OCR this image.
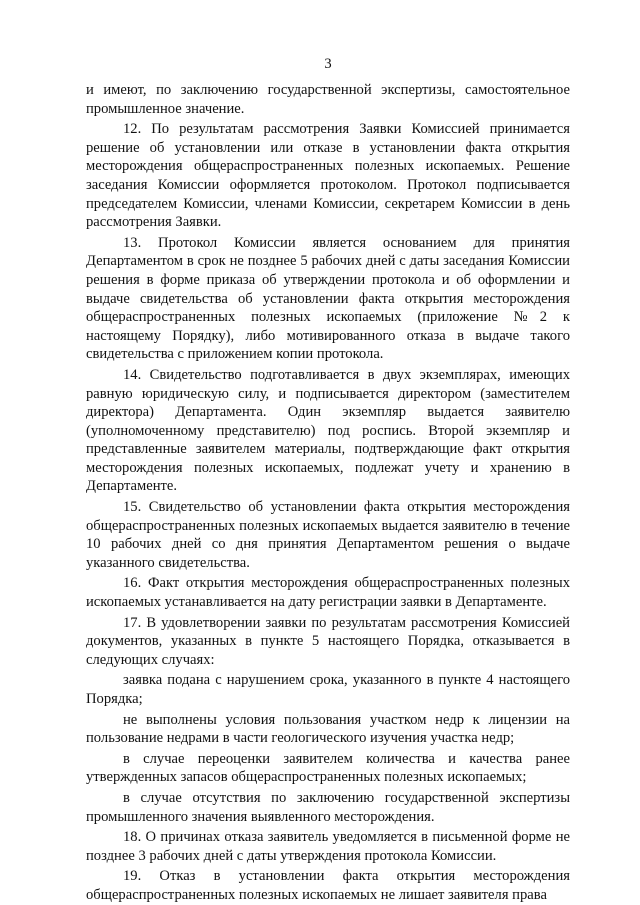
3

и имеют, по заключению государственной экспертизы, самостоятельное промышленное значение.

12. По результатам рассмотрения Заявки Комиссией принимается решение об установлении или отказе в установлении факта открытия месторождения общераспространенных полезных ископаемых. Решение заседания Комиссии оформляется протоколом. Протокол подписывается председателем Комиссии, членами Комиссии, секретарем Комиссии в день рассмотрения Заявки.

13. Протокол Комиссии является основанием для принятия Департаментом в срок не позднее 5 рабочих дней с даты заседания Комиссии решения в форме приказа об утверждении протокола и об оформлении и выдаче свидетельства об установлении факта открытия месторождения общераспространенных полезных ископаемых (приложение №2 к настоящему Порядку), либо мотивированного отказа в выдаче такого свидетельства с приложением копии протокола.

14. Свидетельство подготавливается в двух экземплярах, имеющих равную юридическую силу, и подписывается директором (заместителем директора) Департамента. Один экземпляр выдается заявителю (уполномоченному представителю) под роспись. Второй экземпляр и представленные заявителем материалы, подтверждающие факт открытия месторождения полезных ископаемых, подлежат учету и хранению в Департаменте.

15. Свидетельство об установлении факта открытия месторождения общераспространенных полезных ископаемых выдается заявителю в течение 10 рабочих дней со дня принятия Департаментом решения о выдаче указанного свидетельства.

16. Факт открытия месторождения общераспространенных полезных ископаемых устанавливается на дату регистрации заявки в Департаменте.

17. В удовлетворении заявки по результатам рассмотрения Комиссией документов, указанных в пункте 5 настоящего Порядка, отказывается в следующих случаях:

заявка подана с нарушением срока, указанного в пункте 4 настоящего Порядка;

не выполнены условия пользования участком недр к лицензии на пользование недрами в части геологического изучения участка недр;

в случае переоценки заявителем количества и качества ранее утвержденных запасов общераспространенных полезных ископаемых;

в случае отсутствия по заключению государственной экспертизы промышленного значения выявленного месторождения.

18. О причинах отказа заявитель уведомляется в письменной форме не позднее 3 рабочих дней с даты утверждения протокола Комиссии.

19. Отказ в установлении факта открытия месторождения общераспространенных полезных ископаемых не лишает заявителя права
